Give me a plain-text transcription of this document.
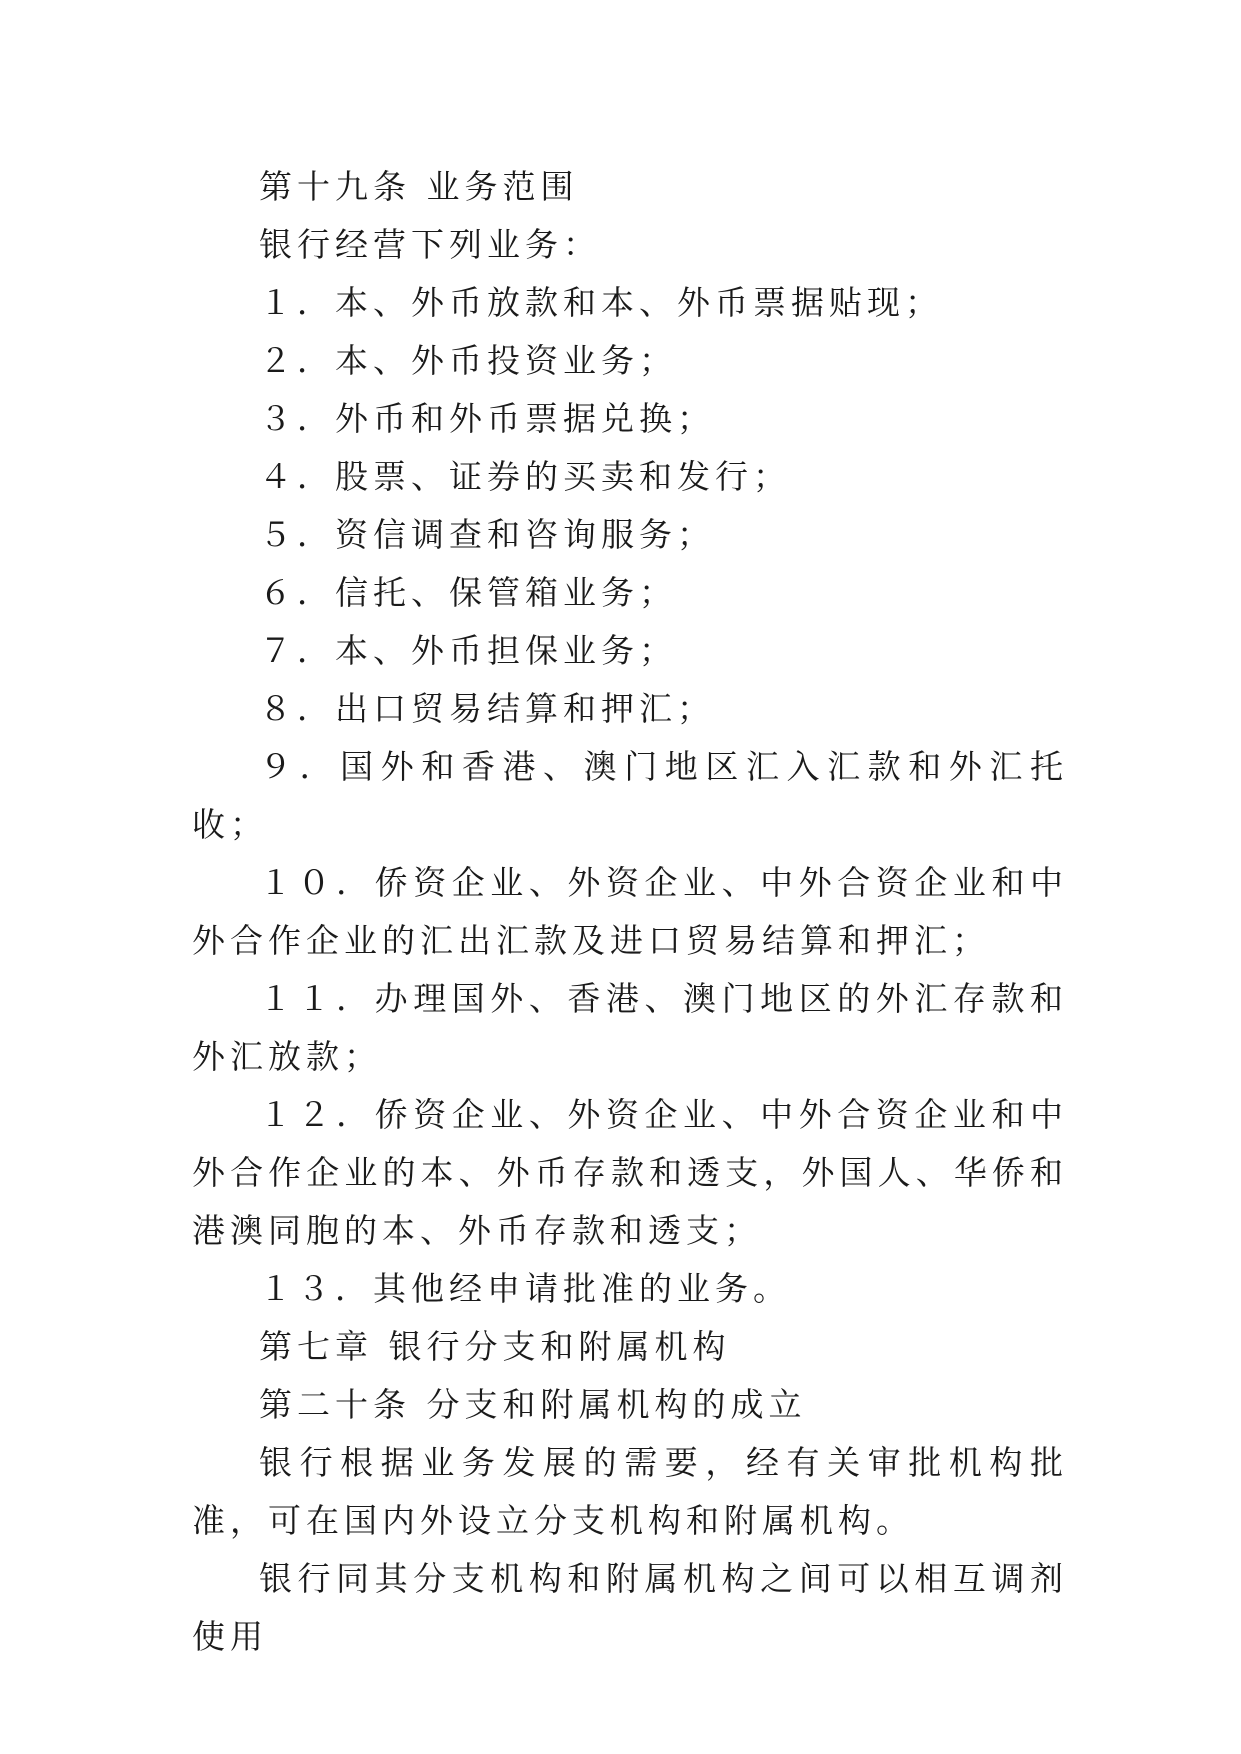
第十九条 业务范围

银行经营下列业务：

１．本、外币放款和本、外币票据贴现；

２．本、外币投资业务；

３．外币和外币票据兑换；

４．股票、证券的买卖和发行；

５．资信调查和咨询服务；

６．信托、保管箱业务；

７．本、外币担保业务；

８．出口贸易结算和押汇；

９．国外和香港、澳门地区汇入汇款和外汇托收；

１０．侨资企业、外资企业、中外合资企业和中外合作企业的汇出汇款及进口贸易结算和押汇；

１１．办理国外、香港、澳门地区的外汇存款和外汇放款；

１２．侨资企业、外资企业、中外合资企业和中外合作企业的本、外币存款和透支，外国人、华侨和港澳同胞的本、外币存款和透支；

１３．其他经申请批准的业务。

第七章 银行分支和附属机构

第二十条 分支和附属机构的成立

银行根据业务发展的需要，经有关审批机构批准，可在国内外设立分支机构和附属机构。

银行同其分支机构和附属机构之间可以相互调剂使用
